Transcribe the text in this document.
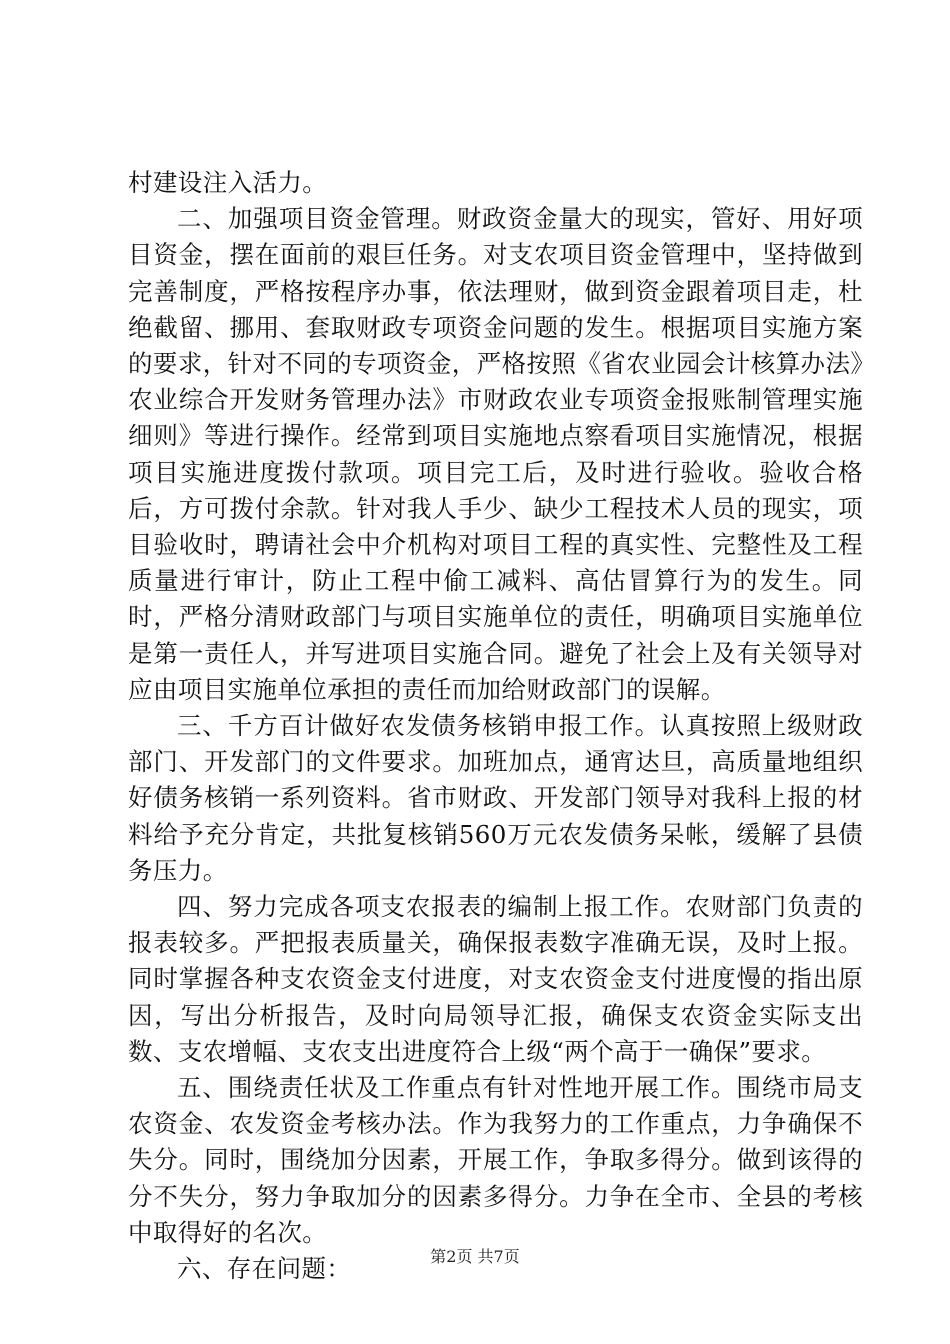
村建设注入活力。

二、加强项目资金管理。财政资金量大的现实，管好、用好项目资金，摆在面前的艰巨任务。对支农项目资金管理中，坚持做到完善制度，严格按程序办事，依法理财，做到资金跟着项目走，杜绝截留、挪用、套取财政专项资金问题的发生。根据项目实施方案的要求，针对不同的专项资金，严格按照《省农业园会计核算办法》农业综合开发财务管理办法》市财政农业专项资金报账制管理实施细则》等进行操作。经常到项目实施地点察看项目实施情况，根据项目实施进度拨付款项。项目完工后，及时进行验收。验收合格后，方可拨付余款。针对我人手少、缺少工程技术人员的现实，项目验收时，聘请社会中介机构对项目工程的真实性、完整性及工程质量进行审计，防止工程中偷工减料、高估冒算行为的发生。同时，严格分清财政部门与项目实施单位的责任，明确项目实施单位是第一责任人，并写进项目实施合同。避免了社会上及有关领导对应由项目实施单位承担的责任而加给财政部门的误解。

三、千方百计做好农发债务核销申报工作。认真按照上级财政部门、开发部门的文件要求。加班加点，通宵达旦，高质量地组织好债务核销一系列资料。省市财政、开发部门领导对我科上报的材料给予充分肯定，共批复核销560万元农发债务呆帐，缓解了县债务压力。

四、努力完成各项支农报表的编制上报工作。农财部门负责的报表较多。严把报表质量关，确保报表数字准确无误，及时上报。同时掌握各种支农资金支付进度，对支农资金支付进度慢的指出原因，写出分析报告，及时向局领导汇报，确保支农资金实际支出数、支农增幅、支农支出进度符合上级“两个高于一确保”要求。

五、围绕责任状及工作重点有针对性地开展工作。围绕市局支农资金、农发资金考核办法。作为我努力的工作重点，力争确保不失分。同时，围绕加分因素，开展工作，争取多得分。做到该得的分不失分，努力争取加分的因素多得分。力争在全市、全县的考核中取得好的名次。

六、存在问题：	第2页 共7页
